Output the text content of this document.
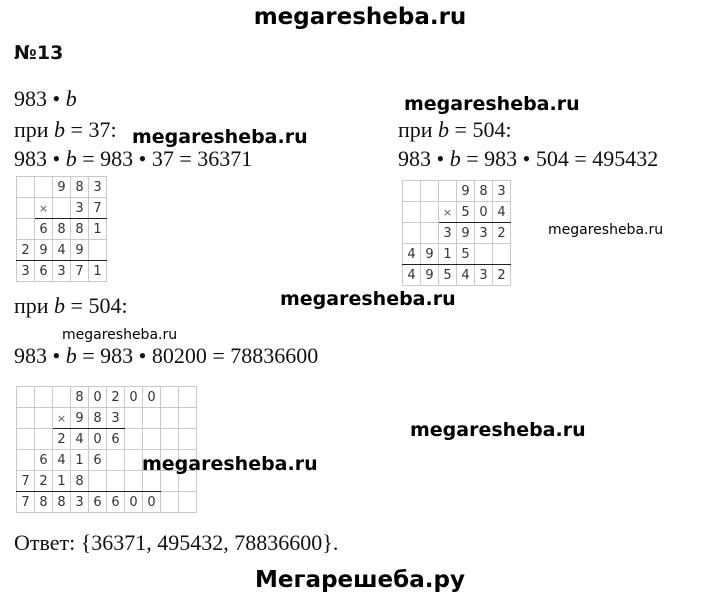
megaresheba.ru
№13
983 • b
при b = 37:
983 • b = 983 • 37 = 36371
megaresheba.ru
megaresheba.ru
при b = 504:
983 • b = 983 • 504 = 495432
		9	8	3
	×		3	7
	6	8	8	1
2	9	4	9	
3	6	3	7	1
			9	8	3
		×	5	0	4
		3	9	3	2
4	9	1	5		
4	9	5	4	3	2
megaresheba.ru
при b = 504:	megaresheba.ru
megaresheba.ru
983 • b = 983 • 80200 = 78836600
			8	0	2	0	0		
		×	9	8	3				
		2	4	0	6				
	6	4	1	6					
7	2	1	8						
7	8	8	3	6	6	0	0		
megaresheba.ru
megaresheba.ru
Ответ: {36371, 495432, 78836600}.
Мегарешеба.ру
